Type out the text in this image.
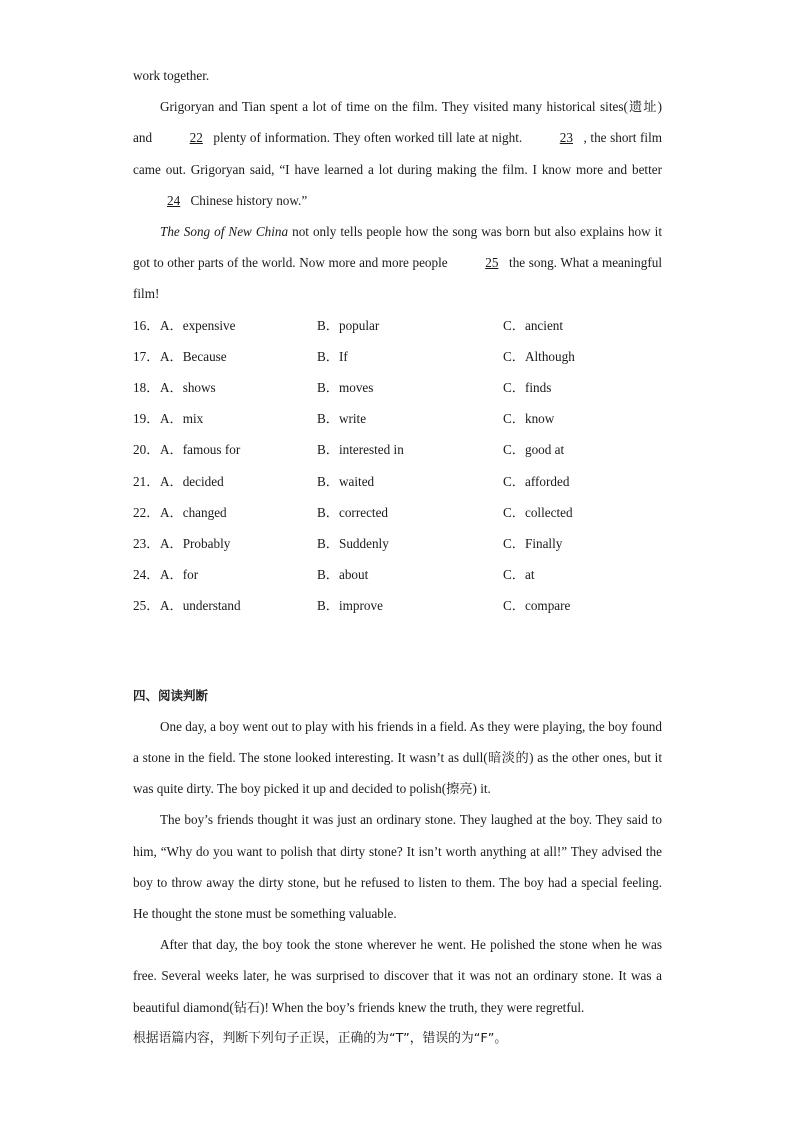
work together.

Grigoryan and Tian spent a lot of time on the film. They visited many historical sites(遗址) and	22 plenty of information. They often worked till late at night.	23 , the short film came out. Grigoryan said, “I have learned a lot during making the film. I know more and better 24 Chinese history now.”

The Song of New China not only tells people how the song was born but also explains how it got to other parts of the world. Now more and more people	25 the song. What a meaningful film!

16． A．expensive	B．popular	C．ancient
17． A．Because	B．If	C．Although
18． A．shows	B．moves	C．finds
19． A．mix	B．write	C．know
20． A．famous for	B．interested in	C．good at
21． A．decided	B．waited	C．afforded
22． A．changed	B．corrected	C．collected
23． A．Probably	B．Suddenly	C．Finally
24． A．for	B．about	C．at
25． A．understand	B．improve	C．compare

四、阅读判断

One day, a boy went out to play with his friends in a field. As they were playing, the boy found a stone in the field. The stone looked interesting. It wasn’t as dull(暗淡的) as the other ones, but it was quite dirty. The boy picked it up and decided to polish(擦亮) it.

The boy’s friends thought it was just an ordinary stone. They laughed at the boy. They said to him, “Why do you want to polish that dirty stone? It isn’t worth anything at all!” They advised the boy to throw away the dirty stone, but he refused to listen to them. The boy had a special feeling. He thought the stone must be something valuable.

After that day, the boy took the stone wherever he went. He polished the stone when he was free. Several weeks later, he was surprised to discover that it was not an ordinary stone. It was a beautiful diamond(钻石)! When the boy’s friends knew the truth, they were regretful.

根据语篇内容，判断下列句子正误，正确的为“T”，错误的为“F”。
